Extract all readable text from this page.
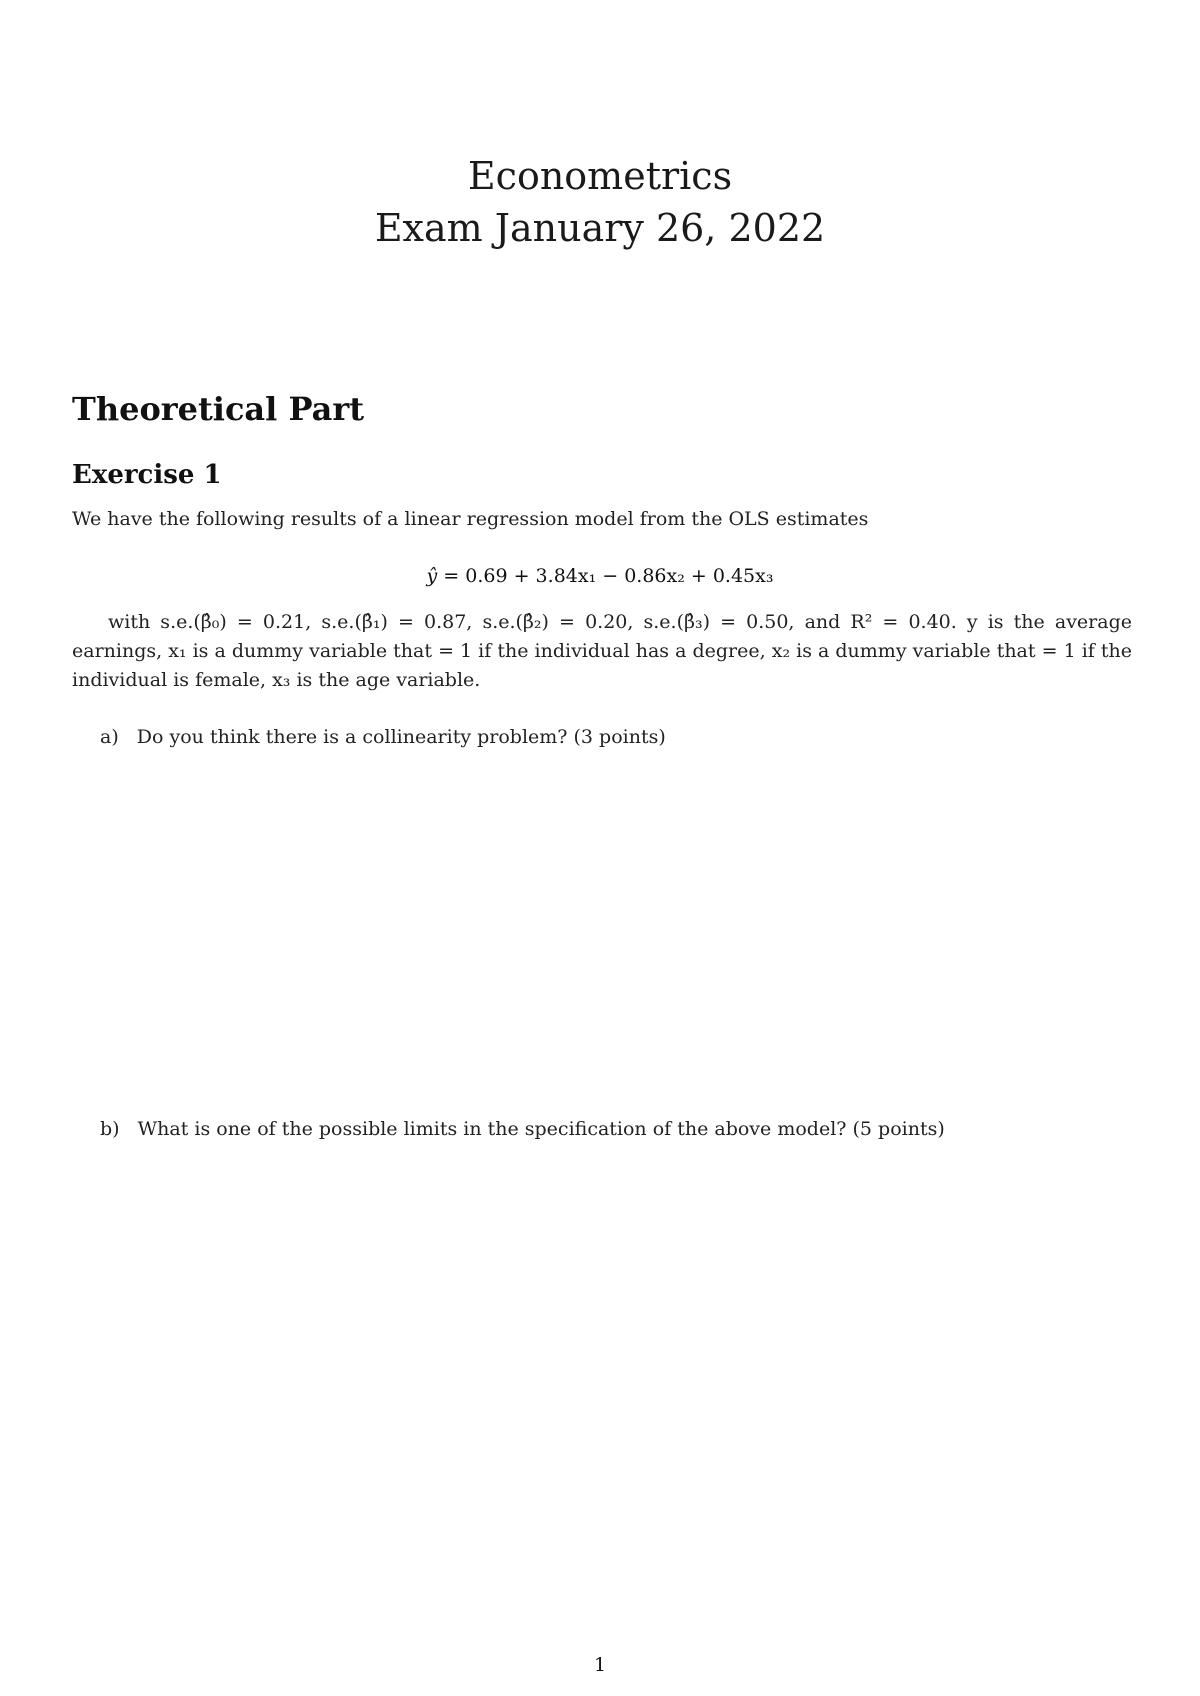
Econometrics
Exam January 26, 2022
Theoretical Part
Exercise 1
We have the following results of a linear regression model from the OLS estimates
ŷ = 0.69 + 3.84x₁ − 0.86x₂ + 0.45x₃
with s.e.(β̂₀) = 0.21, s.e.(β̂₁) = 0.87, s.e.(β̂₂) = 0.20, s.e.(β̂₃) = 0.50, and R² = 0.40. y is the average earnings, x₁ is a dummy variable that = 1 if the individual has a degree, x₂ is a dummy variable that = 1 if the individual is female, x₃ is the age variable.
a) Do you think there is a collinearity problem? (3 points)
b) What is one of the possible limits in the specification of the above model? (5 points)
1
